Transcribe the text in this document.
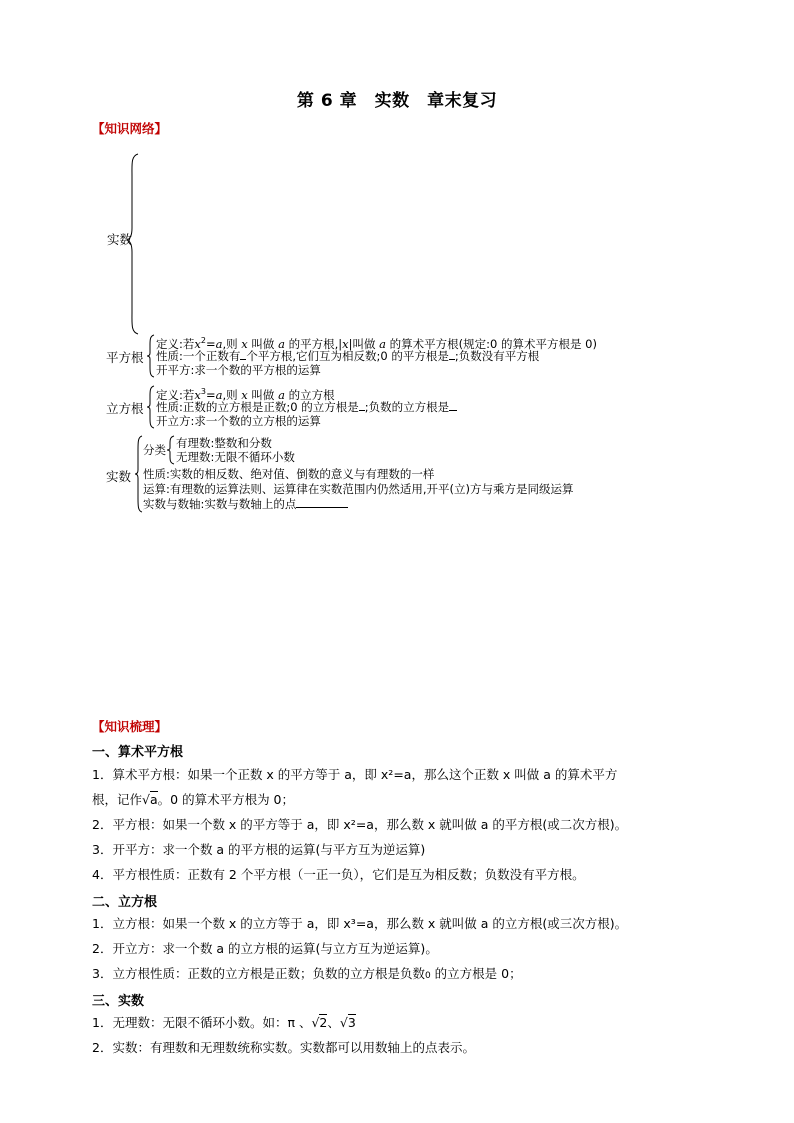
第 6 章　实数　章末复习
【知识网络】
实数
平方根
定义:若$x^2=a$,则 x 叫做 a 的平方根,|x|叫做 a 的算术平方根(规定:0 的算术平方根是 0)
性质:一个正数有 个平方根,它们互为相反数;0 的平方根是 ;负数没有平方根
开平方:求一个数的平方根的运算
立方根
定义:若$x^3=a$,则 x 叫做 a 的立方根
性质:正数的立方根是正数;0 的立方根是 ;负数的立方根是
开立方:求一个数的立方根的运算
实数
分类 有理数:整数和分数
无理数:无限不循环小数
性质:实数的相反数、绝对值、倒数的意义与有理数的一样
运算:有理数的运算法则、运算律在实数范围内仍然适用,开平(立)方与乘方是同级运算
实数与数轴:实数与数轴上的点
【知识梳理】
一、算术平方根
1．算术平方根：如果一个正数 x 的平方等于 a，即 x²=a，那么这个正数 x 叫做 a 的算术平方
根，记作√a。0 的算术平方根为 0；
2．平方根：如果一个数 x 的平方等于 a，即 x²=a，那么数 x 就叫做 a 的平方根(或二次方根)。
3．开平方：求一个数 a 的平方根的运算(与平方互为逆运算)
4．平方根性质：正数有 2 个平方根（一正一负），它们是互为相反数；负数没有平方根。
二、立方根
1．立方根：如果一个数 x 的立方等于 a，即 x³=a，那么数 x 就叫做 a 的立方根(或三次方根)。
2．开立方：求一个数 a 的立方根的运算(与立方互为逆运算)。
3．立方根性质：正数的立方根是正数；负数的立方根是负数0 的立方根是 0；
三、实数
1．无理数：无限不循环小数。如：π 、√2、√3
2．实数：有理数和无理数统称实数。实数都可以用数轴上的点表示。
